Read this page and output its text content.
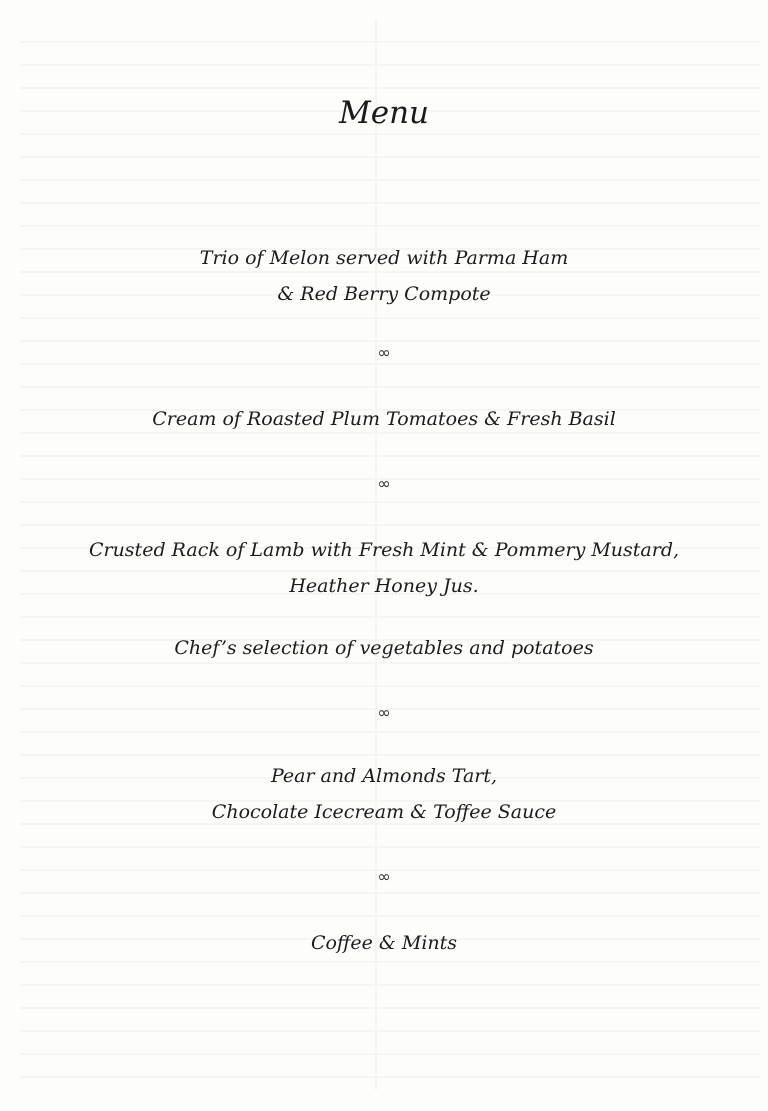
Menu
Trio of Melon served with Parma Ham
& Red Berry Compote
∞
Cream of Roasted Plum Tomatoes & Fresh Basil
∞
Crusted Rack of Lamb with Fresh Mint & Pommery Mustard,
Heather Honey Jus.
Chef’s selection of vegetables and potatoes
∞
Pear and Almonds Tart,
Chocolate Icecream & Toffee Sauce
∞
Coffee & Mints
